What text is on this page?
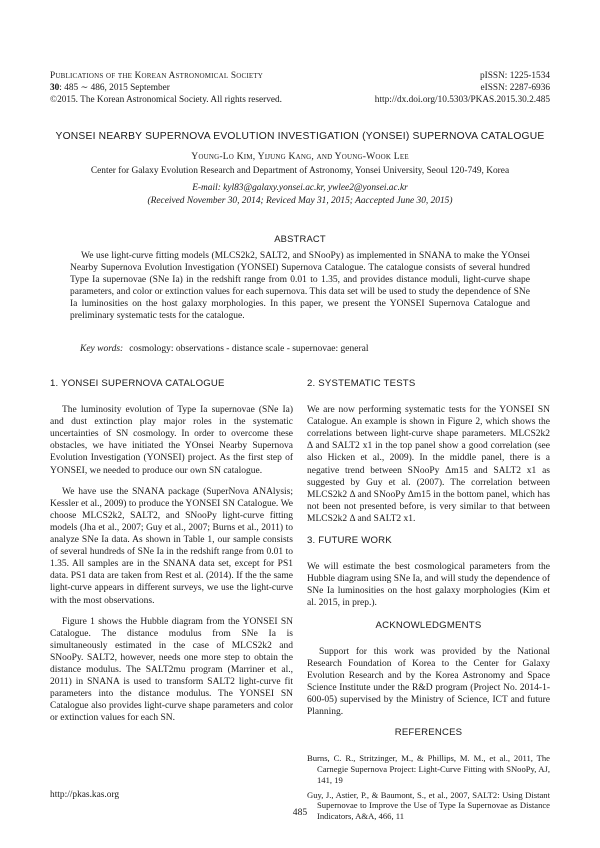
Publications of the Korean Astronomical Society
30: 485 ∼ 486, 2015 September
©2015. The Korean Astronomical Society. All rights reserved.
pISSN: 1225-1534
eISSN: 2287-6936
http://dx.doi.org/10.5303/PKAS.2015.30.2.485
YONSEI NEARBY SUPERNOVA EVOLUTION INVESTIGATION (YONSEI) SUPERNOVA CATALOGUE
Young-Lo Kim, Yijung Kang, and Young-Wook Lee
Center for Galaxy Evolution Research and Department of Astronomy, Yonsei University, Seoul 120-749, Korea
E-mail: kyl83@galaxy.yonsei.ac.kr, ywlee2@yonsei.ac.kr
(Received November 30, 2014; Reviced May 31, 2015; Aaccepted June 30, 2015)
ABSTRACT

We use light-curve fitting models (MLCS2k2, SALT2, and SNooPy) as implemented in SNANA to make the YOnsei Nearby Supernova Evolution Investigation (YONSEI) Supernova Catalogue. The catalogue consists of several hundred Type Ia supernovae (SNe Ia) in the redshift range from 0.01 to 1.35, and provides distance moduli, light-curve shape parameters, and color or extinction values for each supernova. This data set will be used to study the dependence of SNe Ia luminosities on the host galaxy morphologies. In this paper, we present the YONSEI Supernova Catalogue and preliminary systematic tests for the catalogue.

Key words: cosmology: observations - distance scale - supernovae: general
1. YONSEI SUPERNOVA CATALOGUE

The luminosity evolution of Type Ia supernovae (SNe Ia) and dust extinction play major roles in the systematic uncertainties of SN cosmology. In order to overcome these obstacles, we have initiated the YOnsei Nearby Supernova Evolution Investigation (YONSEI) project. As the first step of YONSEI, we needed to produce our own SN catalogue.

We have use the SNANA package (SuperNova ANAlysis; Kessler et al., 2009) to produce the YONSEI SN Catalogue. We choose MLCS2k2, SALT2, and SNooPy light-curve fitting models (Jha et al., 2007; Guy et al., 2007; Burns et al., 2011) to analyze SNe Ia data. As shown in Table 1, our sample consists of several hundreds of SNe Ia in the redshift range from 0.01 to 1.35. All samples are in the SNANA data set, except for PS1 data. PS1 data are taken from Rest et al. (2014). If the the same light-curve appears in different surveys, we use the light-curve with the most observations.

Figure 1 shows the Hubble diagram from the YONSEI SN Catalogue. The distance modulus from SNe Ia is simultaneously estimated in the case of MLCS2k2 and SNooPy. SALT2, however, needs one more step to obtain the distance modulus. The SALT2mu program (Marriner et al., 2011) in SNANA is used to transform SALT2 light-curve fit parameters into the distance modulus. The YONSEI SN Catalogue also provides light-curve shape parameters and color or extinction values for each SN.

2. SYSTEMATIC TESTS

We are now performing systematic tests for the YONSEI SN Catalogue. An example is shown in Figure 2, which shows the correlations between light-curve shape parameters. MLCS2k2 Δ and SALT2 x1 in the top panel show a good correlation (see also Hicken et al., 2009). In the middle panel, there is a negative trend between SNooPy Δm15 and SALT2 x1 as suggested by Guy et al. (2007). The correlation between MLCS2k2 Δ and SNooPy Δm15 in the bottom panel, which has not been not presented before, is very similar to that between MLCS2k2 Δ and SALT2 x1.

3. FUTURE WORK

We will estimate the best cosmological parameters from the Hubble diagram using SNe Ia, and will study the dependence of SNe Ia luminosities on the host galaxy morphologies (Kim et al. 2015, in prep.).

ACKNOWLEDGMENTS

Support for this work was provided by the National Research Foundation of Korea to the Center for Galaxy Evolution Research and by the Korea Astronomy and Space Science Institute under the R&D program (Project No. 2014-1-600-05) supervised by the Ministry of Science, ICT and future Planning.

REFERENCES

Burns, C. R., Stritzinger, M., & Phillips, M. M., et al., 2011, The Carnegie Supernova Project: Light-Curve Fitting with SNooPy, AJ, 141, 19

Guy, J., Astier, P., & Baumont, S., et al., 2007, SALT2: Using Distant Supernovae to Improve the Use of Type Ia Supernovae as Distance Indicators, A&A, 466, 11

http://pkas.kas.org
485
